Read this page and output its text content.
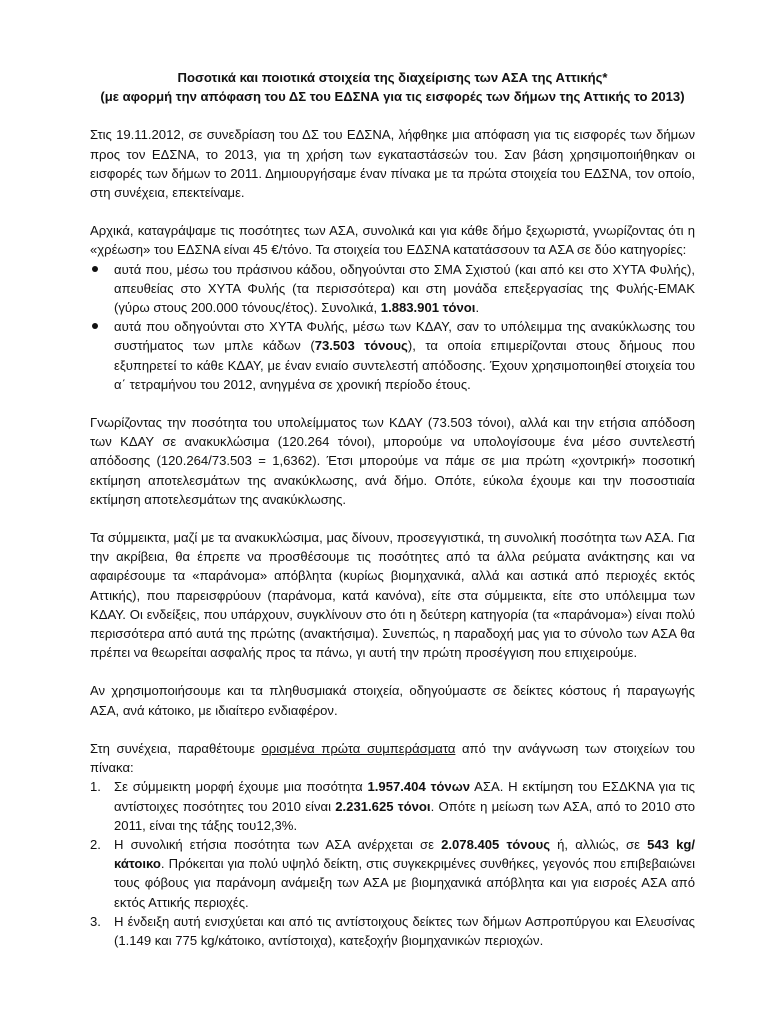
Ποσοτικά και ποιοτικά στοιχεία της διαχείρισης των ΑΣΑ της Αττικής*
(με αφορμή την απόφαση του ΔΣ του ΕΔΣΝΑ για τις εισφορές των δήμων της Αττικής το 2013)

Στις 19.11.2012, σε συνεδρίαση του ΔΣ του ΕΔΣΝΑ, λήφθηκε μια απόφαση για τις εισφορές των δήμων προς τον ΕΔΣΝΑ, το 2013, για τη χρήση των εγκαταστάσεών του. Σαν βάση χρησιμοποιήθηκαν οι εισφορές των δήμων το 2011. Δημιουργήσαμε έναν πίνακα με τα πρώτα στοιχεία του ΕΔΣΝΑ, τον οποίο, στη συνέχεια, επεκτείναμε.

Αρχικά, καταγράψαμε τις ποσότητες των ΑΣΑ, συνολικά και για κάθε δήμο ξεχωριστά, γνωρίζοντας ότι η «χρέωση» του ΕΔΣΝΑ είναι 45 €/τόνο. Τα στοιχεία του ΕΔΣΝΑ κατατάσσουν τα ΑΣΑ σε δύο κατηγορίες:

αυτά που, μέσω του πράσινου κάδου, οδηγούνται στο ΣΜΑ Σχιστού (και από κει στο ΧΥΤΑ Φυλής), απευθείας στο ΧΥΤΑ Φυλής (τα περισσότερα) και στη μονάδα επεξεργασίας της Φυλής-ΕΜΑΚ (γύρω στους 200.000 τόνους/έτος). Συνολικά, 1.883.901 τόνοι.
αυτά που οδηγούνται στο ΧΥΤΑ Φυλής, μέσω των ΚΔΑΥ, σαν το υπόλειμμα της ανακύκλωσης του συστήματος των μπλε κάδων (73.503 τόνους), τα οποία επιμερίζονται στους δήμους που εξυπηρετεί το κάθε ΚΔΑΥ, με έναν ενιαίο συντελεστή απόδοσης. Έχουν χρησιμοποιηθεί στοιχεία του α΄ τετραμήνου του 2012, ανηγμένα σε χρονική περίοδο έτους.

Γνωρίζοντας την ποσότητα του υπολείμματος των ΚΔΑΥ (73.503 τόνοι), αλλά και την ετήσια απόδοση των ΚΔΑΥ σε ανακυκλώσιμα (120.264 τόνοι), μπορούμε να υπολογίσουμε ένα μέσο συντελεστή απόδοσης (120.264/73.503 = 1,6362). Έτσι μπορούμε να πάμε σε μια πρώτη «χοντρική» ποσοτική εκτίμηση αποτελεσμάτων της ανακύκλωσης, ανά δήμο. Οπότε, εύκολα έχουμε και την ποσοστιαία εκτίμηση αποτελεσμάτων της ανακύκλωσης.

Τα σύμμεικτα, μαζί με τα ανακυκλώσιμα, μας δίνουν, προσεγγιστικά, τη συνολική ποσότητα των ΑΣΑ. Για την ακρίβεια, θα έπρεπε να προσθέσουμε τις ποσότητες από τα άλλα ρεύματα ανάκτησης και να αφαιρέσουμε τα «παράνομα» απόβλητα (κυρίως βιομηχανικά, αλλά και αστικά από περιοχές εκτός Αττικής), που παρεισφρύουν (παράνομα, κατά κανόνα), είτε στα σύμμεικτα, είτε στο υπόλειμμα των ΚΔΑΥ. Οι ενδείξεις, που υπάρχουν, συγκλίνουν στο ότι η δεύτερη κατηγορία (τα «παράνομα») είναι πολύ περισσότερα από αυτά της πρώτης (ανακτήσιμα). Συνεπώς, η παραδοχή μας για το σύνολο των ΑΣΑ θα πρέπει να θεωρείται ασφαλής προς τα πάνω, γι αυτή την πρώτη προσέγγιση που επιχειρούμε.

Αν χρησιμοποιήσουμε και τα πληθυσμιακά στοιχεία, οδηγούμαστε σε δείκτες κόστους ή παραγωγής ΑΣΑ, ανά κάτοικο, με ιδιαίτερο ενδιαφέρον.

Στη συνέχεια, παραθέτουμε ορισμένα πρώτα συμπεράσματα από την ανάγνωση των στοιχείων του πίνακα:

1. Σε σύμμεικτη μορφή έχουμε μια ποσότητα 1.957.404 τόνων ΑΣΑ. Η εκτίμηση του ΕΣΔΚΝΑ για τις αντίστοιχες ποσότητες του 2010 είναι 2.231.625 τόνοι. Οπότε η μείωση των ΑΣΑ, από το 2010 στο 2011, είναι της τάξης του12,3%.
2. Η συνολική ετήσια ποσότητα των ΑΣΑ ανέρχεται σε 2.078.405 τόνους ή, αλλιώς, σε 543 kg/κάτοικο. Πρόκειται για πολύ υψηλό δείκτη, στις συγκεκριμένες συνθήκες, γεγονός που επιβεβαιώνει τους φόβους για παράνομη ανάμειξη των ΑΣΑ με βιομηχανικά απόβλητα και για εισροές ΑΣΑ από εκτός Αττικής περιοχές.
3. Η ένδειξη αυτή ενισχύεται και από τις αντίστοιχους δείκτες των δήμων Ασπροπύργου και Ελευσίνας (1.149 και 775 kg/κάτοικο, αντίστοιχα), κατεξοχήν βιομηχανικών περιοχών.
